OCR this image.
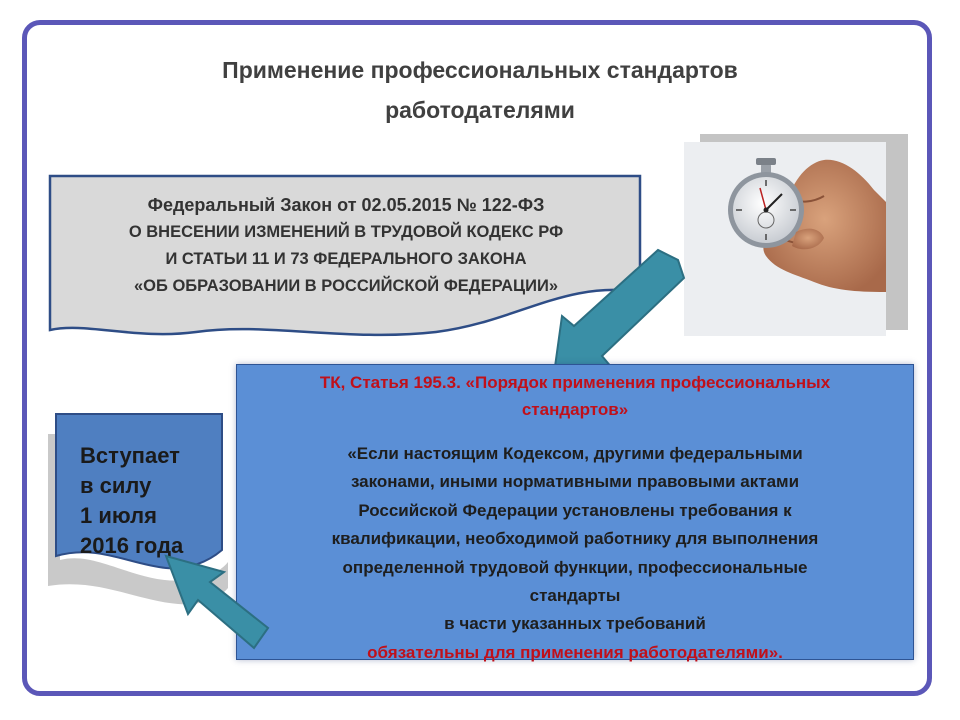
Применение профессиональных стандартов
работодателями
Федеральный Закон от 02.05.2015 № 122-ФЗ
О ВНЕСЕНИИ ИЗМЕНЕНИЙ В ТРУДОВОЙ КОДЕКС РФ
И СТАТЬИ 11 И 73 ФЕДЕРАЛЬНОГО ЗАКОНА
«ОБ ОБРАЗОВАНИИ В РОССИЙСКОЙ ФЕДЕРАЦИИ»
ТК, Статья 195.3. «Порядок применения профессиональных
стандартов»
«Если настоящим Кодексом, другими федеральными
законами, иными нормативными правовыми актами
Российской Федерации установлены требования к
квалификации, необходимой работнику для выполнения
определенной трудовой функции, профессиональные
стандарты
в части указанных требований
обязательны для применения работодателями».
Вступает
в силу
1 июля
2016 года
